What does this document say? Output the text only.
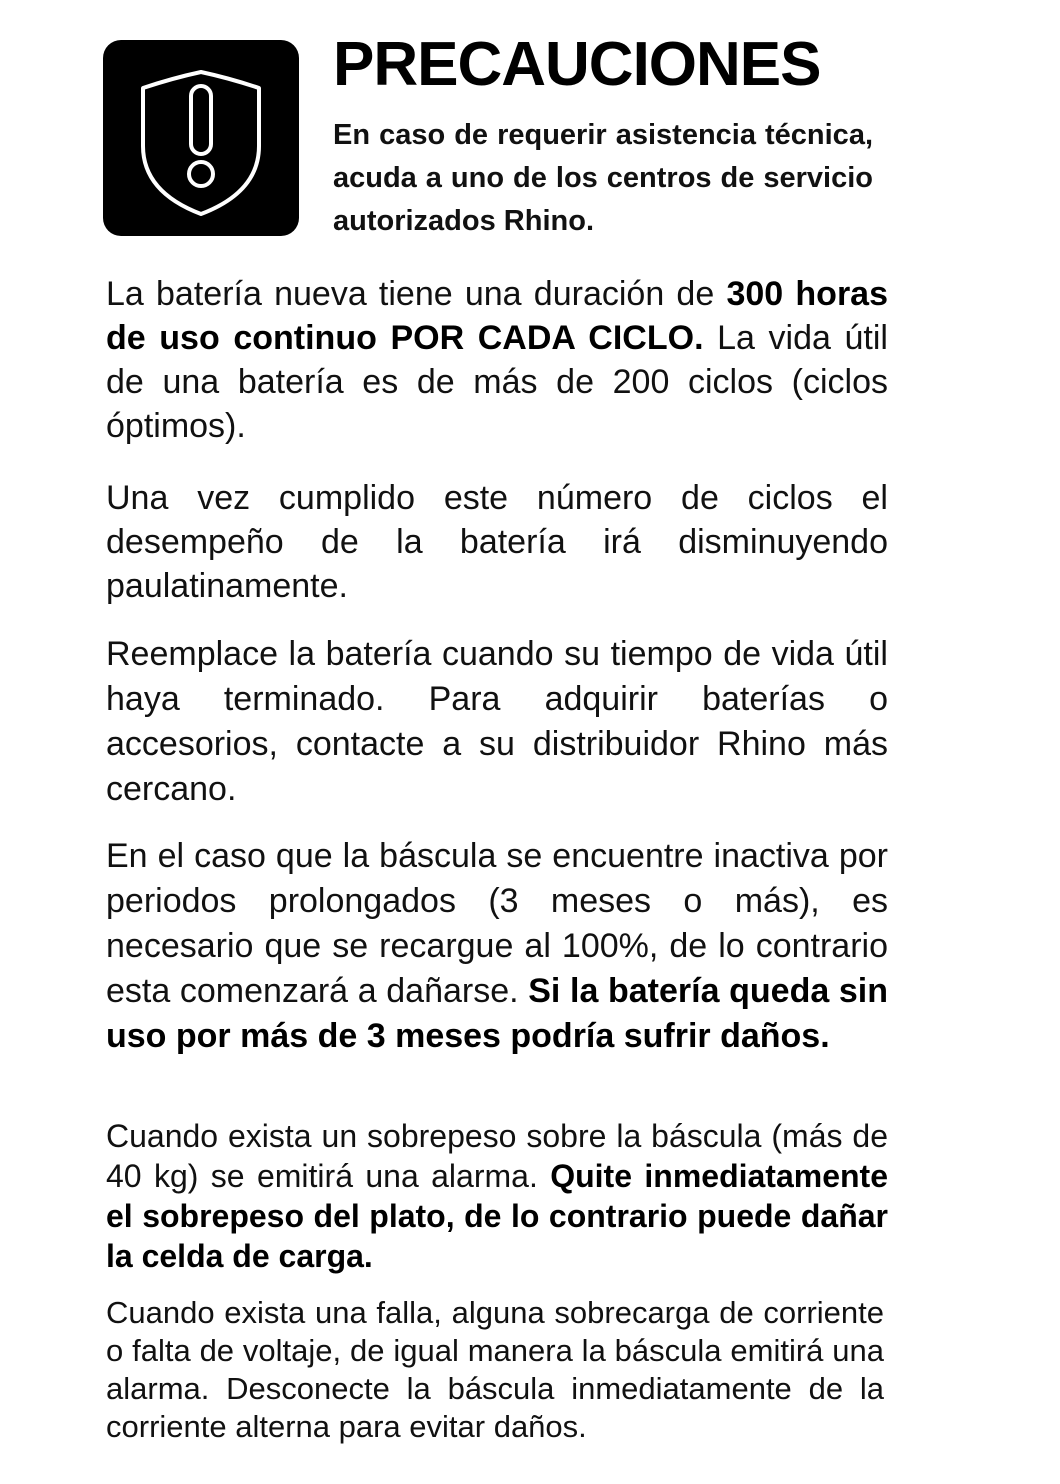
PRECAUCIONES

En caso de requerir asistencia técnica, acuda a uno de los centros de servicio autorizados Rhino.

La batería nueva tiene una duración de 300 horas de uso continuo POR CADA CICLO. La vida útil de una batería es de más de 200 ciclos (ciclos óptimos).

Una vez cumplido este número de ciclos el desempeño de la batería irá disminuyendo paulatinamente.

Reemplace la batería cuando su tiempo de vida útil haya terminado. Para adquirir baterías o accesorios, contacte a su distribuidor Rhino más cercano.

En el caso que la báscula se encuentre inactiva por periodos prolongados (3 meses o más), es necesario que se recargue al 100%, de lo contrario esta comenzará a dañarse. Si la batería queda sin uso por más de 3 meses podría sufrir daños.

Cuando exista un sobrepeso sobre la báscula (más de 40 kg) se emitirá una alarma. Quite inmediatamente el sobrepeso del plato, de lo contrario puede dañar la celda de carga.

Cuando exista una falla, alguna sobrecarga de corriente o falta de voltaje, de igual manera la báscula emitirá una alarma. Desconecte la báscula inmediatamente de la corriente alterna para evitar daños.
